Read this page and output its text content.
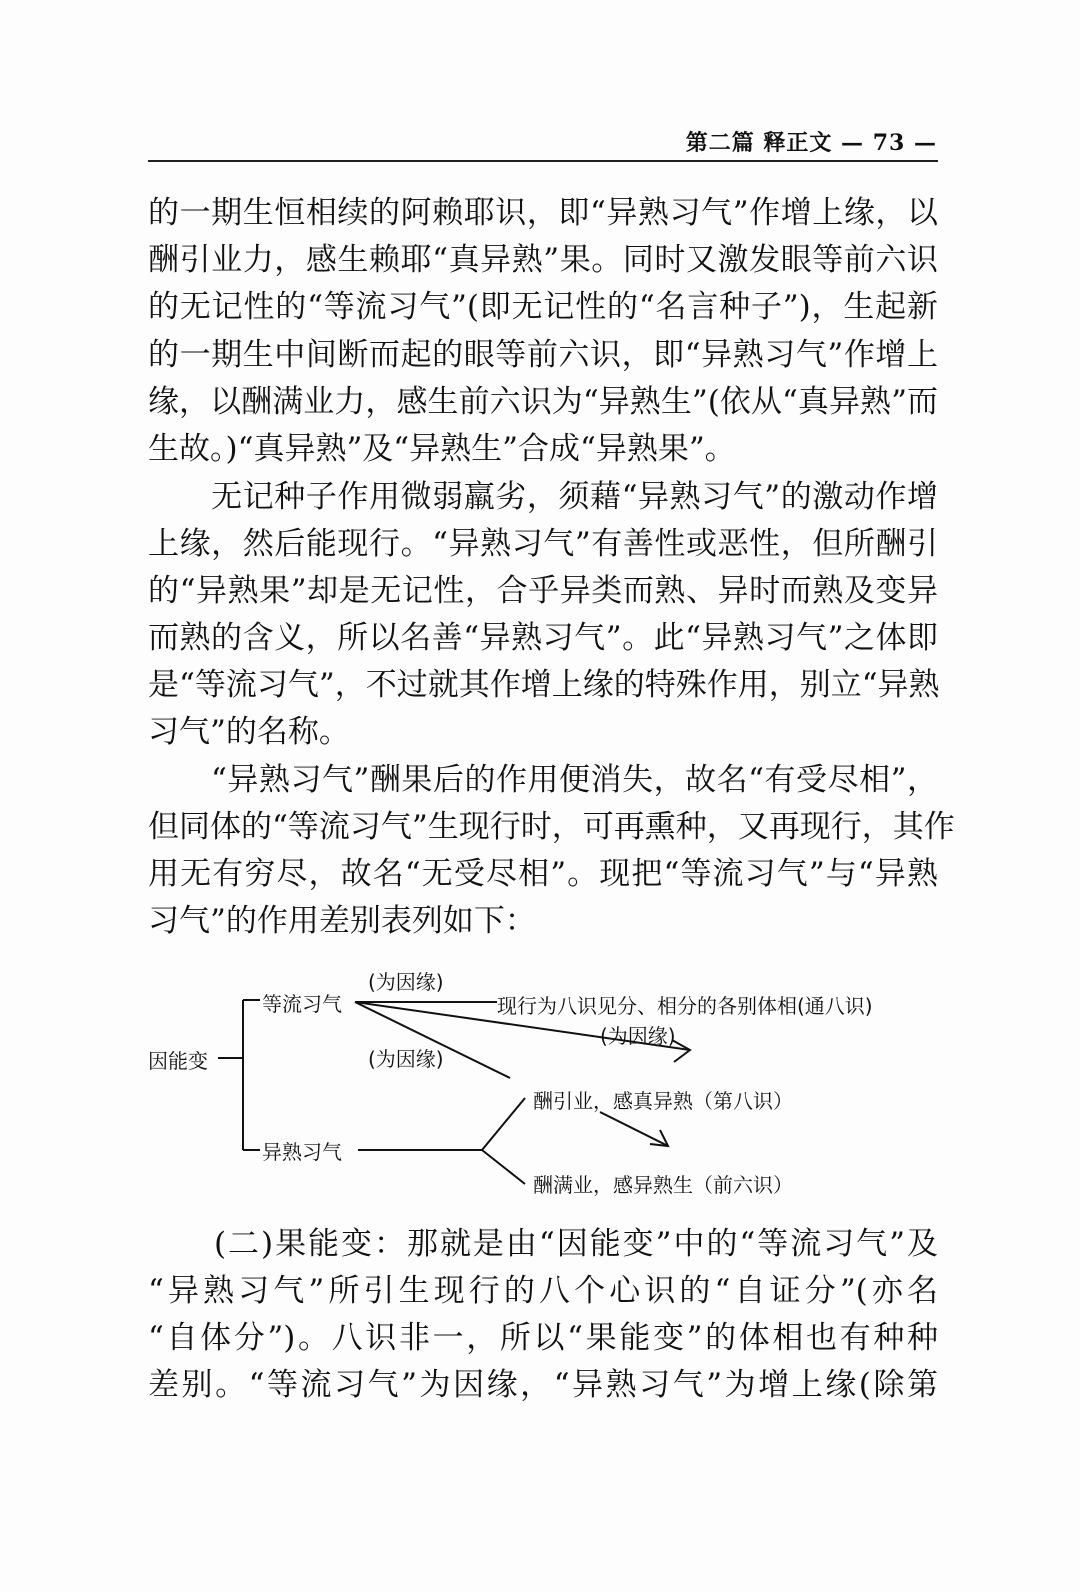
第二篇 释正文 — 73 —
的一期生恒相续的阿赖耶识，即“异熟习气”作增上缘，以
酬引业力，感生赖耶“真异熟”果。同时又激发眼等前六识
的无记性的“等流习气”(即无记性的“名言种子”)，生起新
的一期生中间断而起的眼等前六识，即“异熟习气”作增上
缘，以酬满业力，感生前六识为“异熟生”(依从“真异熟”而
生故。)“真异熟”及“异熟生”合成“异熟果”。
　　无记种子作用微弱羸劣，须藉“异熟习气”的激动作增
上缘，然后能现行。“异熟习气”有善性或恶性，但所酬引
的“异熟果”却是无记性，合乎异类而熟、异时而熟及变异
而熟的含义，所以名善“异熟习气”。此“异熟习气”之体即
是“等流习气”，不过就其作增上缘的特殊作用，别立“异熟
习气”的名称。
　　“异熟习气”酬果后的作用便消失，故名“有受尽相”，
但同体的“等流习气”生现行时，可再熏种，又再现行，其作
用无有穷尽，故名“无受尽相”。现把“等流习气”与“异熟
习气”的作用差别表列如下：
因能变
等流习气
异熟习气
(为因缘)
(为因缘)
(为因缘)
现行为八识见分、相分的各别体相(通八识)
酬引业，感真异熟（第八识）
酬满业，感异熟生（前六识）
　　(二)果能变：那就是由“因能变”中的“等流习气”及
“异熟习气”所引生现行的八个心识的“自证分”(亦名
“自体分”)。八识非一，所以“果能变”的体相也有种种
差别。“等流习气”为因缘，“异熟习气”为增上缘(除第
